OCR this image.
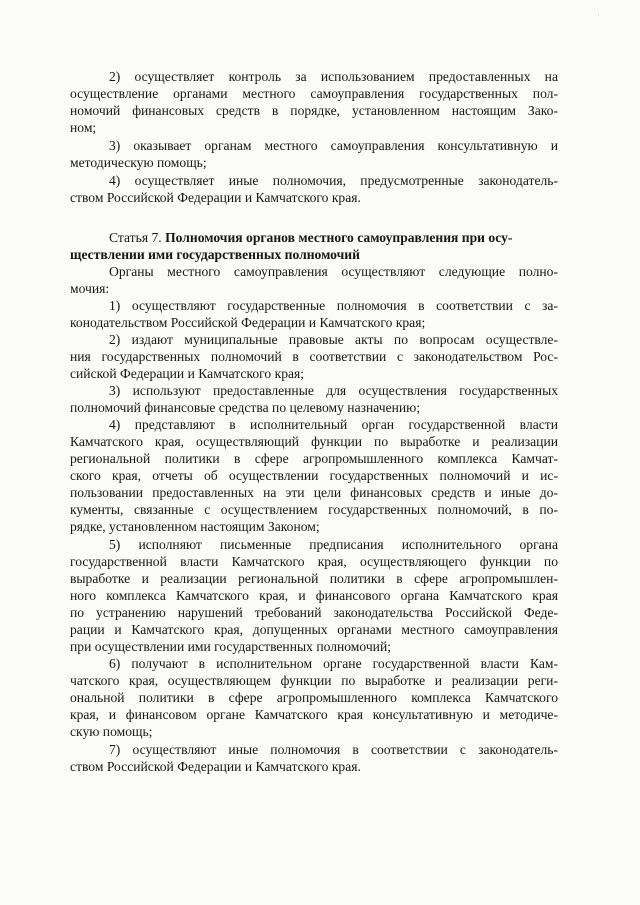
·
2) осуществляет контроль за использованием предоставленных на
осуществление органами местного самоуправления государственных пол-
номочий финансовых средств в порядке, установленном настоящим Зако-
ном;
3) оказывает органам местного самоуправления консультативную и
методическую помощь;
4) осуществляет иные полномочия, предусмотренные законодатель-
ством Российской Федерации и Камчатского края.
Статья 7. Полномочия органов местного самоуправления при осу-
ществлении ими государственных полномочий
Органы местного самоуправления осуществляют следующие полно-
мочия:
1) осуществляют государственные полномочия в соответствии с за-
конодательством Российской Федерации и Камчатского края;
2) издают муниципальные правовые акты по вопросам осуществле-
ния государственных полномочий в соответствии с законодательством Рос-
сийской Федерации и Камчатского края;
3) используют предоставленные для осуществления государственных
полномочий финансовые средства по целевому назначению;
4) представляют в исполнительный орган государственной власти
Камчатского края, осуществляющий функции по выработке и реализации
региональной политики в сфере агропромышленного комплекса Камчат-
ского края, отчеты об осуществлении государственных полномочий и ис-
пользовании предоставленных на эти цели финансовых средств и иные до-
кументы, связанные с осуществлением государственных полномочий, в по-
рядке, установленном настоящим Законом;
5) исполняют письменные предписания исполнительного органа
государственной власти Камчатского края, осуществляющего функции по
выработке и реализации региональной политики в сфере агропромышлен-
ного комплекса Камчатского края, и финансового органа Камчатского края
по устранению нарушений требований законодательства Российской Феде-
рации и Камчатского края, допущенных органами местного самоуправления
при осуществлении ими государственных полномочий;
6) получают в исполнительном органе государственной власти Кам-
чатского края, осуществляющем функции по выработке и реализации реги-
ональной политики в сфере агропромышленного комплекса Камчатского
края, и финансовом органе Камчатского края консультативную и методиче-
скую помощь;
7) осуществляют иные полномочия в соответствии с законодатель-
ством Российской Федерации и Камчатского края.
